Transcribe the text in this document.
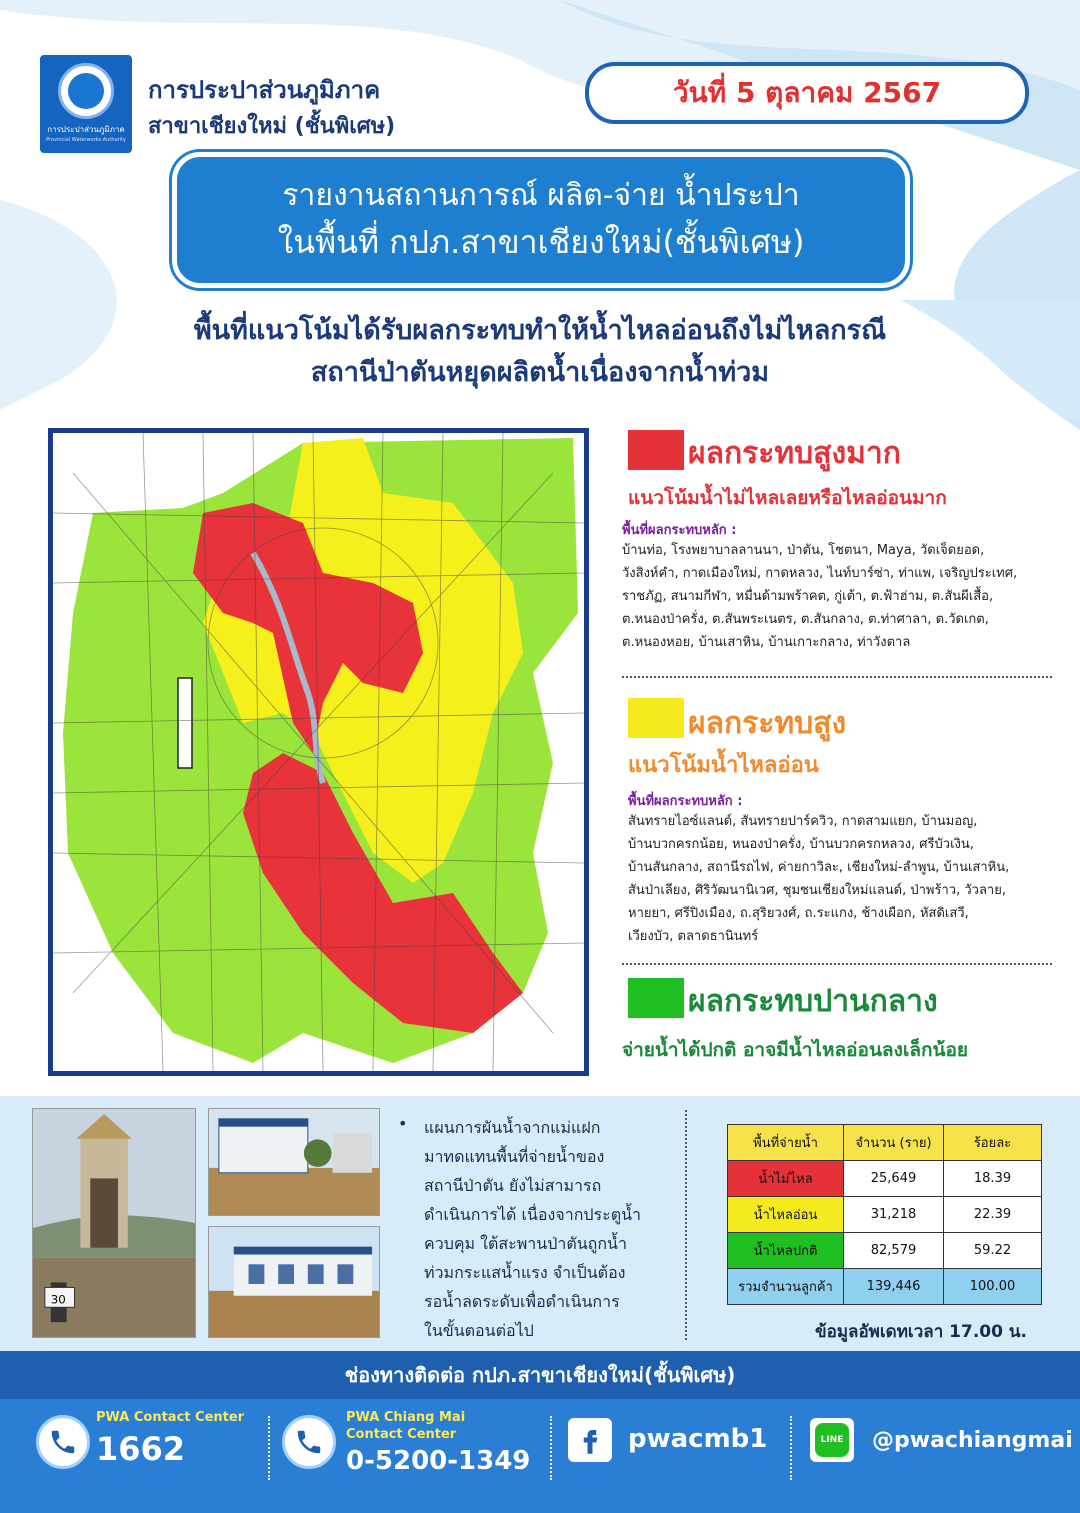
การประปาส่วนภูมิภาค
Provincial Waterworks Authority
การประปาส่วนภูมิภาค
สาขาเชียงใหม่ (ชั้นพิเศษ)
วันที่ 5 ตุลาคม 2567
รายงานสถานการณ์ ผลิต-จ่าย น้ำประปา
ในพื้นที่ กปภ.สาขาเชียงใหม่(ชั้นพิเศษ)
พื้นที่แนวโน้มได้รับผลกระทบทำให้น้ำไหลอ่อนถึงไม่ไหลกรณี
สถานีป่าตันหยุดผลิตน้ำเนื่องจากน้ำท่วม
ผลกระทบสูงมาก
แนวโน้มน้ำไม่ไหลเลยหรือไหลอ่อนมาก
พื้นที่ผลกระทบหลัก :
บ้านท่อ, โรงพยาบาลลานนา, ป่าตัน, โชตนา, Maya, วัดเจ็ดยอด,
วังสิงห์คำ, กาดเมืองใหม่, กาดหลวง, ไนท์บาร์ซ่า, ท่าแพ, เจริญประเทศ,
ราชภัฏ, สนามกีฬา, หมื่นด้ามพร้าคต, กู่เต้า, ต.ฟ้าฮ่าม, ต.สันผีเสื้อ,
ต.หนองป่าครั่ง, ต.สันพระเนตร, ต.สันกลาง, ต.ท่าศาลา, ต.วัดเกต,
ต.หนองหอย, บ้านเสาหิน, บ้านเกาะกลาง, ท่าวังตาล
ผลกระทบสูง
แนวโน้มน้ำไหลอ่อน
พื้นที่ผลกระทบหลัก :
สันทรายไอซ์แลนด์, สันทรายปาร์ควิว, กาดสามแยก, บ้านมอญ,
บ้านบวกครกน้อย, หนองป่าครั่ง, บ้านบวกครกหลวง, ศรีบัวเงิน,
บ้านสันกลาง, สถานีรถไฟ, ค่ายกาวิละ, เชียงใหม่-ลำพูน, บ้านเสาหิน,
สันป่าเลียง, ศิริวัฒนานิเวศ, ชุมชนเชียงใหม่แลนด์, ป่าพร้าว, วัวลาย,
หายยา, ศรีปิงเมือง, ถ.สุริยวงศ์, ถ.ระแกง, ช้างเผือก, หัสดิเสวี,
เวียงบัว, ตลาดธานินทร์
ผลกระทบปานกลาง
จ่ายน้ำได้ปกติ อาจมีน้ำไหลอ่อนลงเล็กน้อย
30
• แผนการผันน้ำจากแม่แฝก
มาทดแทนพื้นที่จ่ายน้ำของ
สถานีป่าตัน ยังไม่สามารถ
ดำเนินการได้ เนื่องจากประตูน้ำ
ควบคุม ใต้สะพานป่าตันถูกน้ำ
ท่วมกระแสน้ำแรง จำเป็นต้อง
รอน้ำลดระดับเพื่อดำเนินการ
ในขั้นตอนต่อไป
พื้นที่จ่ายน้ำ	จำนวน (ราย)	ร้อยละ
น้ำไม่ไหล	25,649	18.39
น้ำไหลอ่อน	31,218	22.39
น้ำไหลปกติ	82,579	59.22
รวมจำนวนลูกค้า	139,446	100.00
ข้อมูลอัพเดทเวลา 17.00 น.
ช่องทางติดต่อ กปภ.สาขาเชียงใหม่(ชั้นพิเศษ)
PWA Contact Center
1662
PWA Chiang Mai
Contact Center
0-5200-1349
pwacmb1	LINE @pwachiangmai
